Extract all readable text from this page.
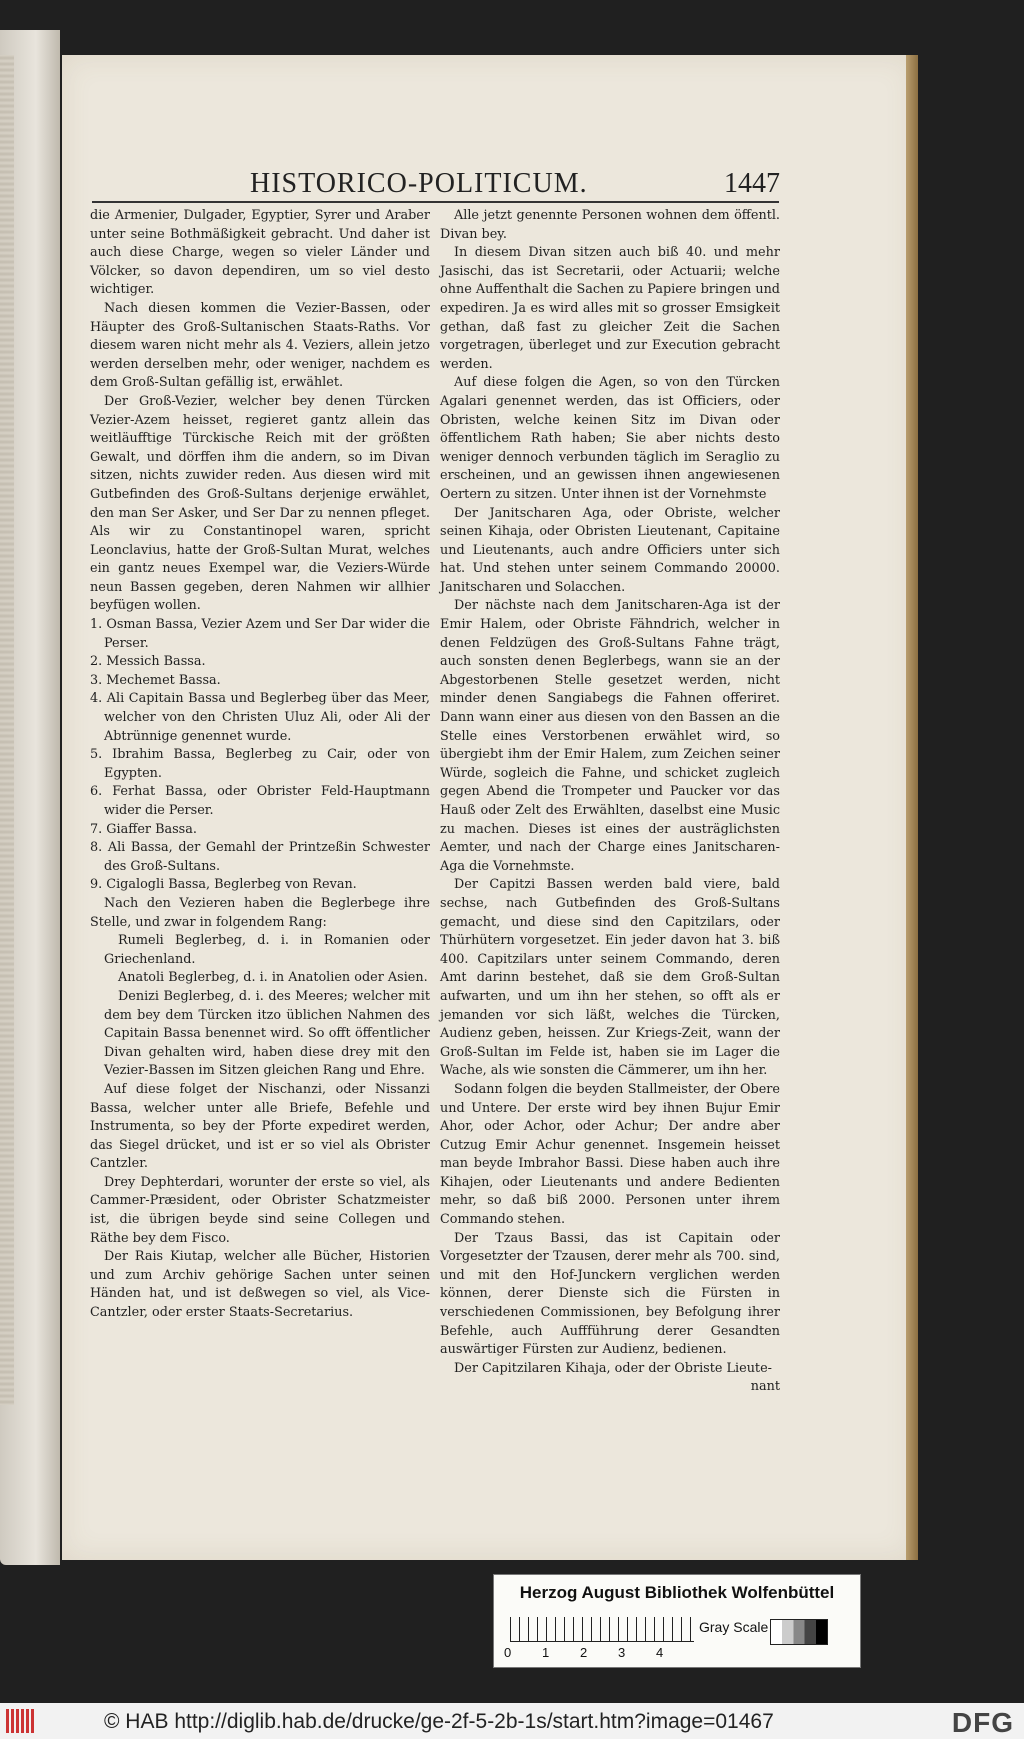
HISTORICO-POLITICUM.	1447

die Armenier, Dulgader, Egyptier, Syrer und Araber unter seine Bothmäßigkeit gebracht. Und daher ist auch diese Charge, wegen so vieler Länder und Völcker, so davon dependiren, um so viel desto wichtiger.

Nach diesen kommen die Vezier-Bassen, oder Häupter des Groß-Sultanischen Staats-Raths. Vor diesem waren nicht mehr als 4. Veziers, allein jetzo werden derselben mehr, oder weniger, nachdem es dem Groß-Sultan gefällig ist, erwählet.

Der Groß-Vezier, welcher bey denen Türcken Vezier-Azem heisset, regieret gantz allein das weitläufftige Türckische Reich mit der größten Gewalt, und dörffen ihm die andern, so im Divan sitzen, nichts zuwider reden. Aus diesen wird mit Gutbefinden des Groß-Sultans derjenige erwählet, den man Ser Asker, und Ser Dar zu nennen pfleget. Als wir zu Constantinopel waren, spricht Leonclavius, hatte der Groß-Sultan Murat, welches ein gantz neues Exempel war, die Veziers-Würde neun Bassen gegeben, deren Nahmen wir allhier beyfügen wollen.

1. Osman Bassa, Vezier Azem und Ser Dar wider die Perser.

2. Messich Bassa.

3. Mechemet Bassa.

4. Ali Capitain Bassa und Beglerbeg über das Meer, welcher von den Christen Uluz Ali, oder Ali der Abtrünnige genennet wurde.

5. Ibrahim Bassa, Beglerbeg zu Cair, oder von Egypten.

6. Ferhat Bassa, oder Obrister Feld-Hauptmann wider die Perser.

7. Giaffer Bassa.

8. Ali Bassa, der Gemahl der Printzeßin Schwester des Groß-Sultans.

9. Cigalogli Bassa, Beglerbeg von Revan.

Nach den Vezieren haben die Beglerbege ihre Stelle, und zwar in folgendem Rang:

Rumeli Beglerbeg, d. i. in Romanien oder Griechenland.

Anatoli Beglerbeg, d. i. in Anatolien oder Asien.

Denizi Beglerbeg, d. i. des Meeres; welcher mit dem bey dem Türcken itzo üblichen Nahmen des Capitain Bassa benennet wird. So offt öffentlicher Divan gehalten wird, haben diese drey mit den Vezier-Bassen im Sitzen gleichen Rang und Ehre.

Auf diese folget der Nischanzi, oder Nissanzi Bassa, welcher unter alle Briefe, Befehle und Instrumenta, so bey der Pforte expediret werden, das Siegel drücket, und ist er so viel als Obrister Cantzler.

Drey Dephterdari, worunter der erste so viel, als Cammer-Præsident, oder Obrister Schatzmeister ist, die übrigen beyde sind seine Collegen und Räthe bey dem Fisco.

Der Rais Kiutap, welcher alle Bücher, Historien und zum Archiv gehörige Sachen unter seinen Händen hat, und ist deßwegen so viel, als Vice-Cantzler, oder erster Staats-Secretarius.

Alle jetzt genennte Personen wohnen dem öffentl. Divan bey.

In diesem Divan sitzen auch biß 40. und mehr Jasischi, das ist Secretarii, oder Actuarii; welche ohne Auffenthalt die Sachen zu Papiere bringen und expediren. Ja es wird alles mit so grosser Emsigkeit gethan, daß fast zu gleicher Zeit die Sachen vorgetragen, überleget und zur Execution gebracht werden.

Auf diese folgen die Agen, so von den Türcken Agalari genennet werden, das ist Officiers, oder Obristen, welche keinen Sitz im Divan oder öffentlichem Rath haben; Sie aber nichts desto weniger dennoch verbunden täglich im Seraglio zu erscheinen, und an gewissen ihnen angewiesenen Oertern zu sitzen. Unter ihnen ist der Vornehmste

Der Janitscharen Aga, oder Obriste, welcher seinen Kihaja, oder Obristen Lieutenant, Capitaine und Lieutenants, auch andre Officiers unter sich hat. Und stehen unter seinem Commando 20000. Janitscharen und Solacchen.

Der nächste nach dem Janitscharen-Aga ist der Emir Halem, oder Obriste Fähndrich, welcher in denen Feldzügen des Groß-Sultans Fahne trägt, auch sonsten denen Beglerbegs, wann sie an der Abgestorbenen Stelle gesetzet werden, nicht minder denen Sangiabegs die Fahnen offeriret. Dann wann einer aus diesen von den Bassen an die Stelle eines Verstorbenen erwählet wird, so übergiebt ihm der Emir Halem, zum Zeichen seiner Würde, sogleich die Fahne, und schicket zugleich gegen Abend die Trompeter und Paucker vor das Hauß oder Zelt des Erwählten, daselbst eine Music zu machen. Dieses ist eines der austräglichsten Aemter, und nach der Charge eines Janitscharen-Aga die Vornehmste.

Der Capitzi Bassen werden bald viere, bald sechse, nach Gutbefinden des Groß-Sultans gemacht, und diese sind den Capitzilars, oder Thürhütern vorgesetzet. Ein jeder davon hat 3. biß 400. Capitzilars unter seinem Commando, deren Amt darinn bestehet, daß sie dem Groß-Sultan aufwarten, und um ihn her stehen, so offt als er jemanden vor sich läßt, welches die Türcken, Audienz geben, heissen. Zur Kriegs-Zeit, wann der Groß-Sultan im Felde ist, haben sie im Lager die Wache, als wie sonsten die Cämmerer, um ihn her.

Sodann folgen die beyden Stallmeister, der Obere und Untere. Der erste wird bey ihnen Bujur Emir Ahor, oder Achor, oder Achur; Der andre aber Cutzug Emir Achur genennet. Insgemein heisset man beyde Imbrahor Bassi. Diese haben auch ihre Kihajen, oder Lieutenants und andere Bedienten mehr, so daß biß 2000. Personen unter ihrem Commando stehen.

Der Tzaus Bassi, das ist Capitain oder Vorgesetzter der Tzausen, derer mehr als 700. sind, und mit den Hof-Junckern verglichen werden können, derer Dienste sich die Fürsten in verschiedenen Commissionen, bey Befolgung ihrer Befehle, auch Auffführung derer Gesandten auswärtiger Fürsten zur Audienz, bedienen.

Der Capitzilaren Kihaja, oder der Obriste Lieute-

nant

Herzog August Bibliothek Wolfenbüttel
0 1 2 3 4
Gray Scale
© HAB http://diglib.hab.de/drucke/ge-2f-5-2b-1s/start.htm?image=01467	DFG
